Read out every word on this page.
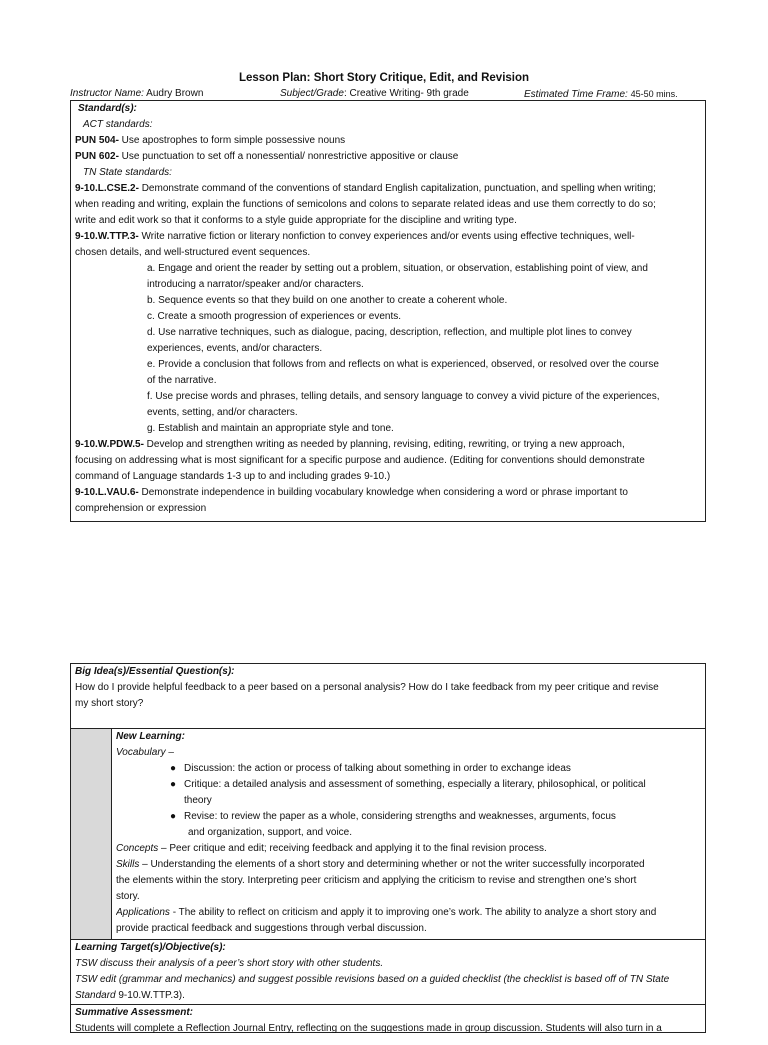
Lesson Plan: Short Story Critique, Edit, and Revision
Instructor Name: Audry Brown	Subject/Grade: Creative Writing- 9th grade	Estimated Time Frame: 45-50 mins.
Standard(s):
ACT standards:
PUN 504- Use apostrophes to form simple possessive nouns
PUN 602- Use punctuation to set off a nonessential/ nonrestrictive appositive or clause
TN State standards:
9-10.L.CSE.2- Demonstrate command of the conventions of standard English capitalization, punctuation, and spelling when writing;
when reading and writing, explain the functions of semicolons and colons to separate related ideas and use them correctly to do so;
write and edit work so that it conforms to a style guide appropriate for the discipline and writing type.
9-10.W.TTP.3- Write narrative fiction or literary nonfiction to convey experiences and/or events using effective techniques, well-
chosen details, and well-structured event sequences.
a. Engage and orient the reader by setting out a problem, situation, or observation, establishing point of view, and
introducing a narrator/speaker and/or characters.
b. Sequence events so that they build on one another to create a coherent whole.
c. Create a smooth progression of experiences or events.
d. Use narrative techniques, such as dialogue, pacing, description, reflection, and multiple plot lines to convey
experiences, events, and/or characters.
e. Provide a conclusion that follows from and reflects on what is experienced, observed, or resolved over the course
of the narrative.
f. Use precise words and phrases, telling details, and sensory language to convey a vivid picture of the experiences,
events, setting, and/or characters.
g. Establish and maintain an appropriate style and tone.
9-10.W.PDW.5- Develop and strengthen writing as needed by planning, revising, editing, rewriting, or trying a new approach,
focusing on addressing what is most significant for a specific purpose and audience. (Editing for conventions should demonstrate
command of Language standards 1-3 up to and including grades 9-10.)
9-10.L.VAU.6- Demonstrate independence in building vocabulary knowledge when considering a word or phrase important to
comprehension or expression
Big Idea(s)/Essential Question(s):
How do I provide helpful feedback to a peer based on a personal analysis? How do I take feedback from my peer critique and revise
my short story?
New Learning:
Vocabulary –
● Discussion: the action or process of talking about something in order to exchange ideas
● Critique: a detailed analysis and assessment of something, especially a literary, philosophical, or political
theory
● Revise: to review the paper as a whole, considering strengths and weaknesses, arguments, focus
and organization, support, and voice.
Concepts – Peer critique and edit; receiving feedback and applying it to the final revision process.
Skills – Understanding the elements of a short story and determining whether or not the writer successfully incorporated
the elements within the story. Interpreting peer criticism and applying the criticism to revise and strengthen one’s short
story.
Applications - The ability to reflect on criticism and apply it to improving one’s work. The ability to analyze a short story and
provide practical feedback and suggestions through verbal discussion.
Learning Target(s)/Objective(s):
TSW discuss their analysis of a peer’s short story with other students.
TSW edit (grammar and mechanics) and suggest possible revisions based on a guided checklist (the checklist is based off of TN State
Standard 9-10.W.TTP.3).
Summative Assessment:
Students will complete a Reflection Journal Entry, reflecting on the suggestions made in group discussion. Students will also turn in a
